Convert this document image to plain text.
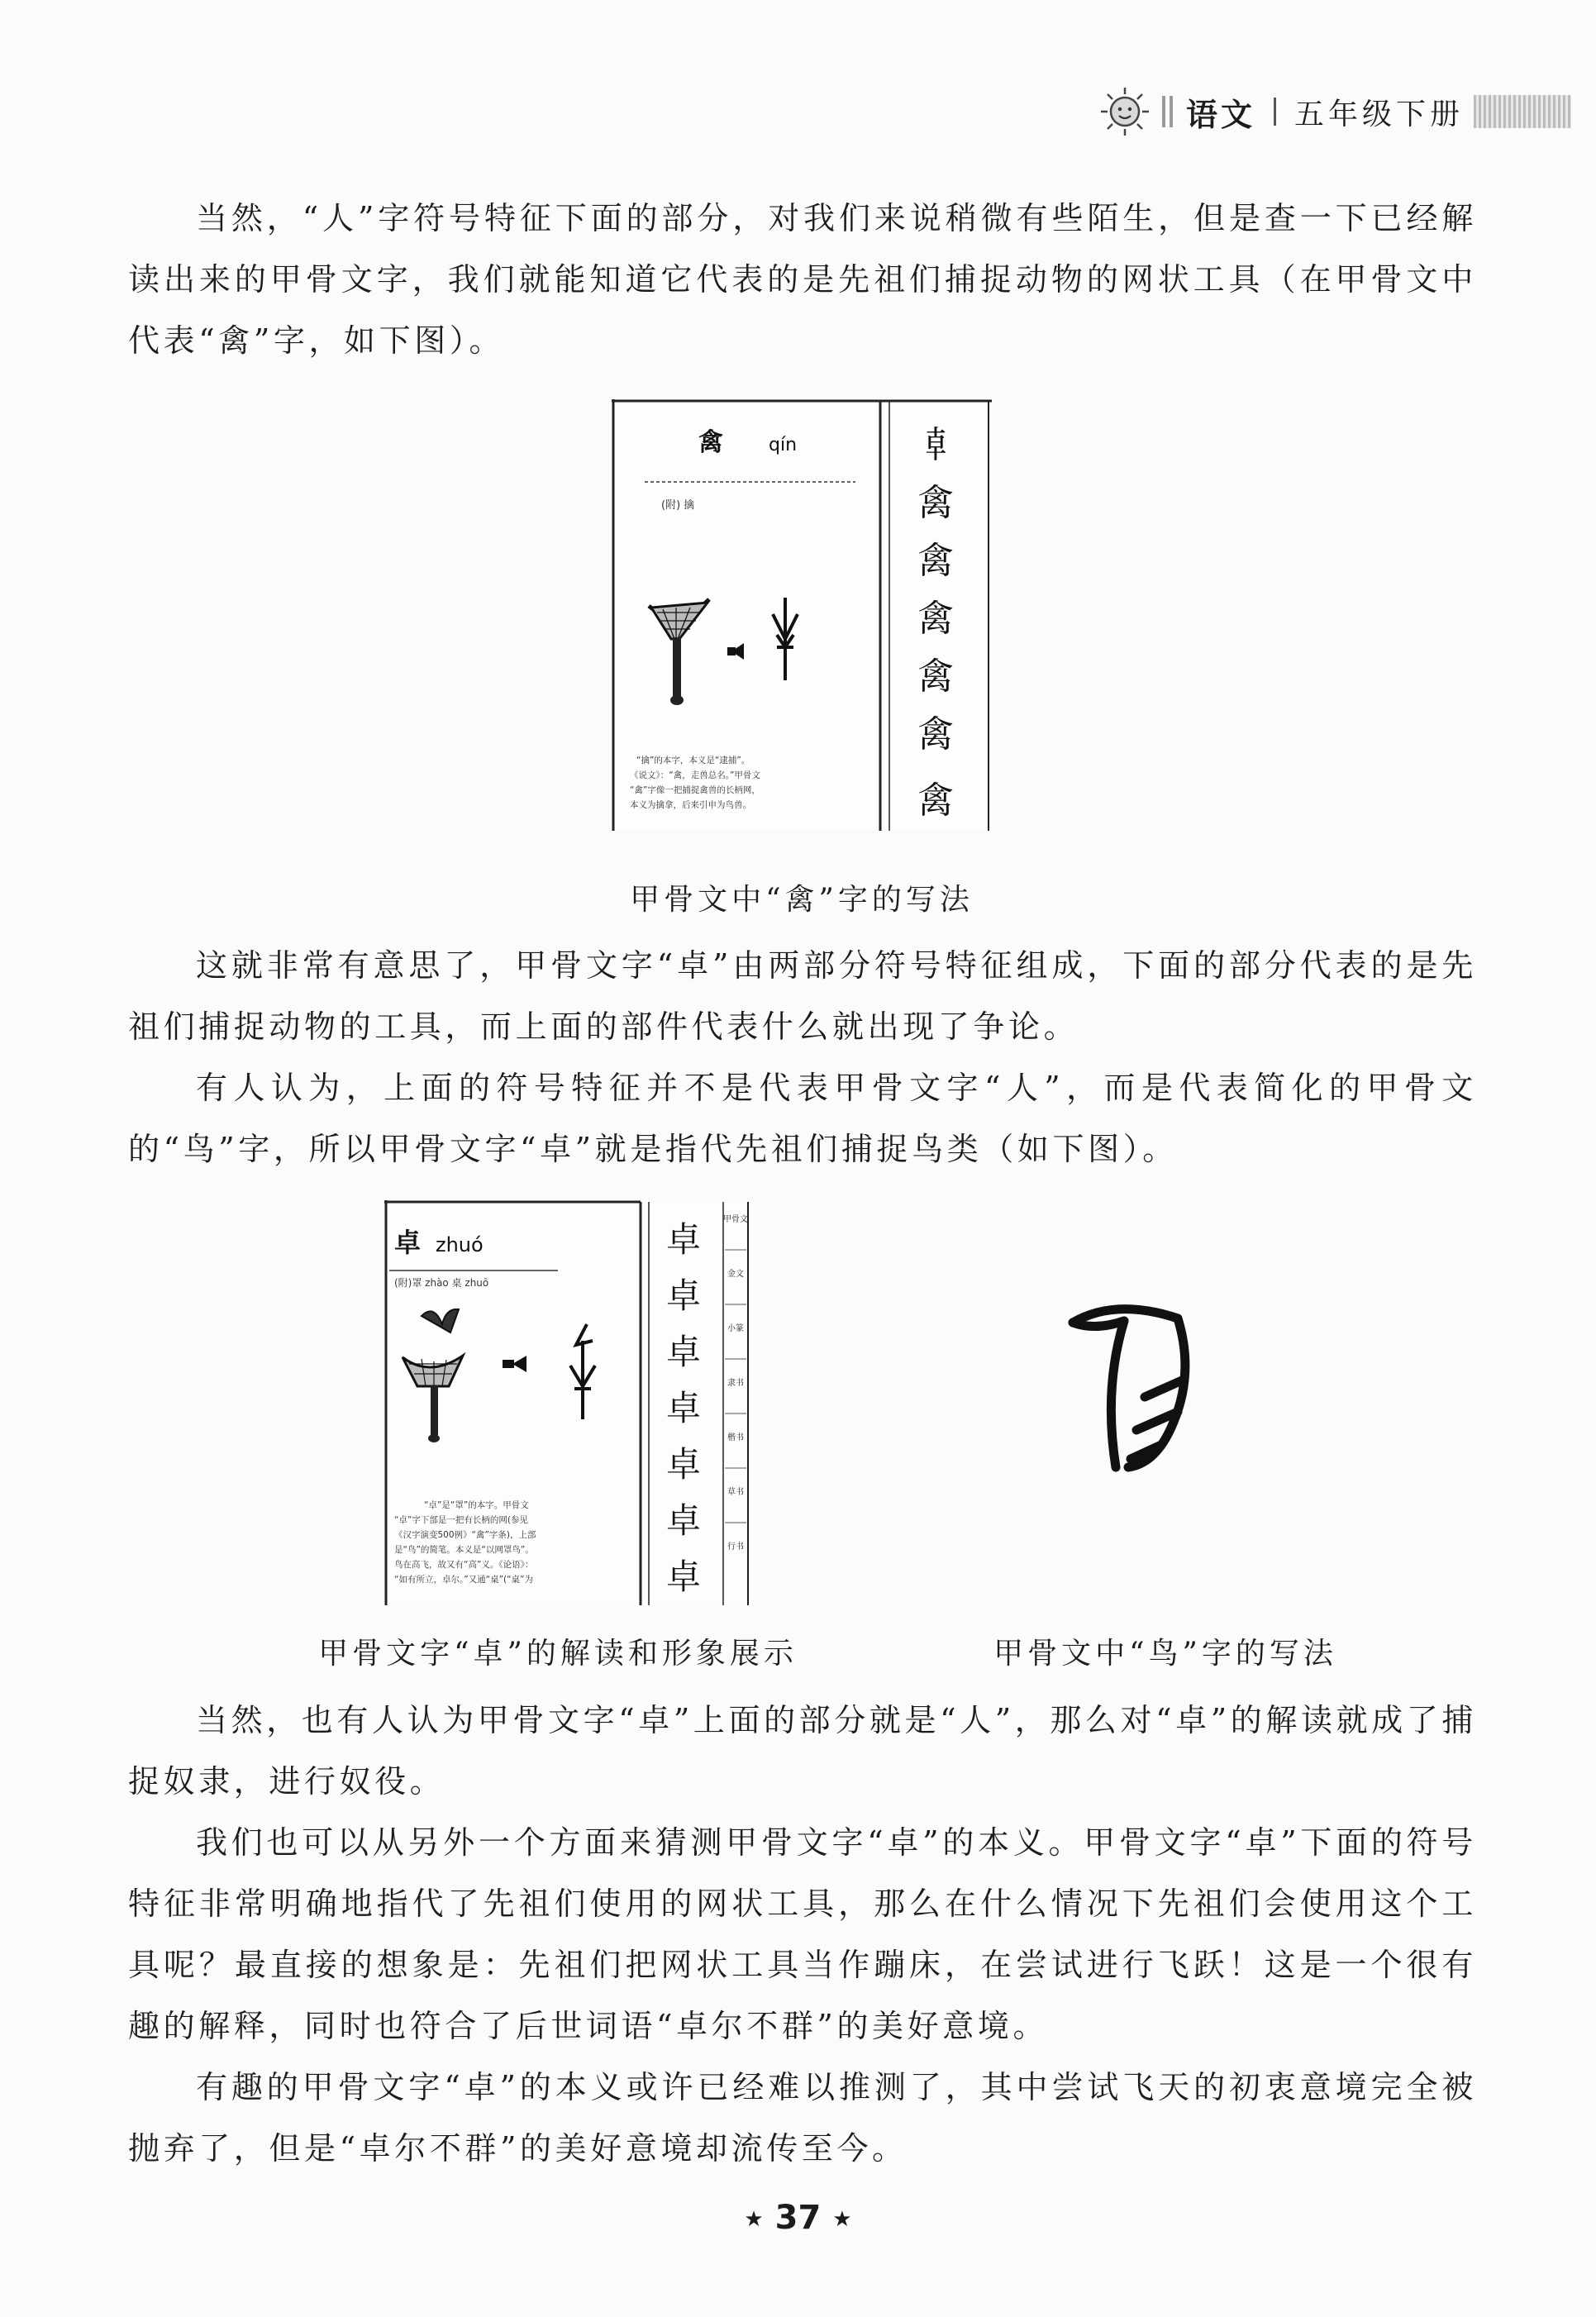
语文 五年级下册

当然，“人”字符号特征下面的部分，对我们来说稍微有些陌生，但是查一下已经解读出来的甲骨文字，我们就能知道它代表的是先祖们捕捉动物的网状工具（在甲骨文中代表“禽”字，如下图）。

禽	qín
(附) 擒
“擒”的本字，本义是“逮捕”。
《说文》：“禽，走兽总名。”甲骨文
“禽”字像一把捕捉禽兽的长柄网，
本义为擒拿，后来引申为鸟兽。
𠦝
禽
禽
禽
禽
禽
禽
甲骨文中“禽”字的写法

这就非常有意思了，甲骨文字“卓”由两部分符号特征组成，下面的部分代表的是先祖们捕捉动物的工具，而上面的部件代表什么就出现了争论。

有人认为，上面的符号特征并不是代表甲骨文字“人”，而是代表简化的甲骨文的“鸟”字，所以甲骨文字“卓”就是指代先祖们捕捉鸟类（如下图）。

卓 zhuó
(附)罩 zhào 桌 zhuō
“卓”是“罩”的本字。甲骨文
“卓”字下部是一把有长柄的网(参见
《汉字演变500例》“禽”字条)，上部
是“鸟”的简笔。本义是“以网罩鸟”。
鸟在高飞，故又有“高”义。《论语》：
“如有所立，卓尔。”又通“桌”(“桌”为
卓
卓
卓
卓
卓
卓
卓
甲骨文
金文
小篆
隶书
楷书
草书
行书
甲骨文字“卓”的解读和形象展示	甲骨文中“鸟”字的写法

当然，也有人认为甲骨文字“卓”上面的部分就是“人”，那么对“卓”的解读就成了捕捉奴隶，进行奴役。

我们也可以从另外一个方面来猜测甲骨文字“卓”的本义。甲骨文字“卓”下面的符号特征非常明确地指代了先祖们使用的网状工具，那么在什么情况下先祖们会使用这个工具呢？最直接的想象是：先祖们把网状工具当作蹦床，在尝试进行飞跃！这是一个很有趣的解释，同时也符合了后世词语“卓尔不群”的美好意境。

有趣的甲骨文字“卓”的本义或许已经难以推测了，其中尝试飞天的初衷意境完全被抛弃了，但是“卓尔不群”的美好意境却流传至今。

★ 37 ★
